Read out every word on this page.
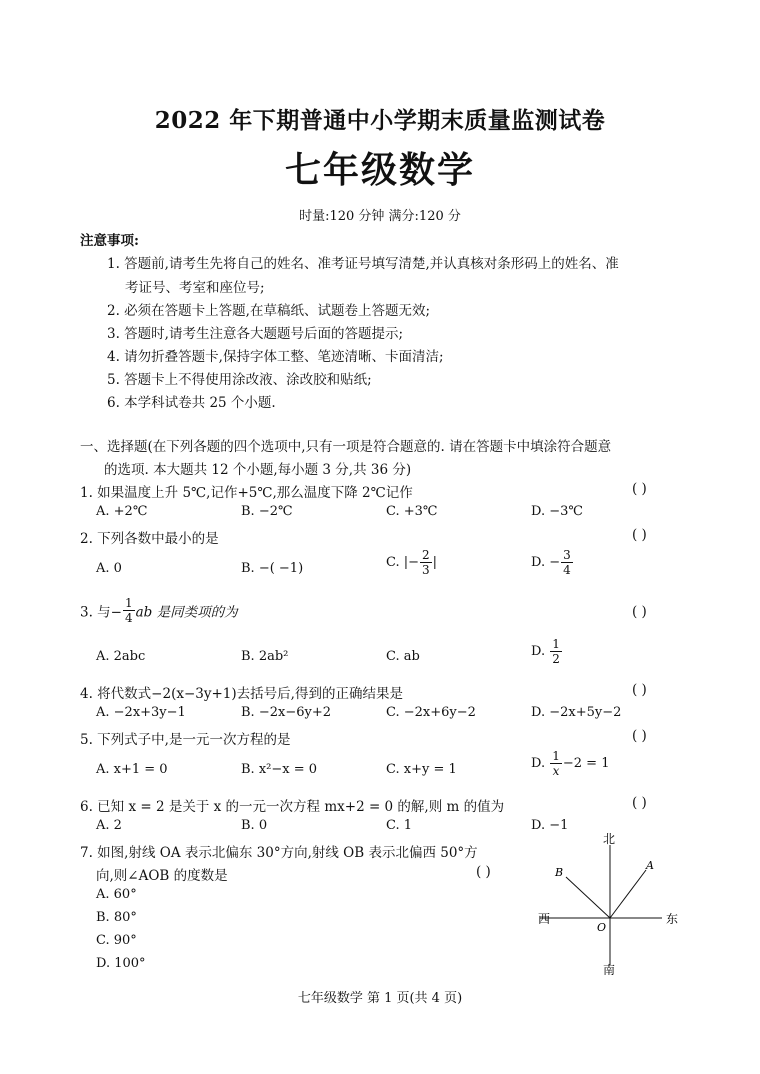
2022 年下期普通中小学期末质量监测试卷
七年级数学
时量:120 分钟 满分:120 分
注意事项:
1. 答题前,请考生先将自己的姓名、准考证号填写清楚,并认真核对条形码上的姓名、准
考证号、考室和座位号;
2. 必须在答题卡上答题,在草稿纸、试题卷上答题无效;
3. 答题时,请考生注意各大题题号后面的答题提示;
4. 请勿折叠答题卡,保持字体工整、笔迹清晰、卡面清洁;
5. 答题卡上不得使用涂改液、涂改胶和贴纸;
6. 本学科试卷共 25 个小题.
一、选择题(在下列各题的四个选项中,只有一项是符合题意的. 请在答题卡中填涂符合题意
的选项. 本大题共 12 个小题,每小题 3 分,共 36 分)
1. 如果温度上升 5℃,记作+5℃,那么温度下降 2℃记作	( )
A. +2℃	B. −2℃	C. +3℃	D. −3℃
2. 下列各数中最小的是	( )
A. 0	B. −( −1)	C. |− $\frac{2}{3}$ |	D. − $\frac{3}{4}$
3. 与− $\frac{1}{4}$ ab 是同类项的为	( )
A. 2abc	B. 2ab²	C. ab	D. $\frac{1}{2}$
4. 将代数式−2(x−3y+1)去括号后,得到的正确结果是	( )
A. −2x+3y−1	B. −2x−6y+2	C. −2x+6y−2	D. −2x+5y−2
5. 下列式子中,是一元一次方程的是	( )
A. x+1 = 0	B. x²−x = 0	C. x+y = 1	D. $\frac{1}{x} -2 = 1$
6. 已知 x = 2 是关于 x 的一元一次方程 mx+2 = 0 的解,则 m 的值为	( )
A. 2	B. 0	C. 1	D. −1
7. 如图,射线 OA 表示北偏东 30°方向,射线 OB 表示北偏西 50°方
向,则∠AOB 的度数是	( )
A. 60°
B. 80°
C. 90°
D. 100°
北
南
东
西
O
A
B
七年级数学 第 1 页(共 4 页)
